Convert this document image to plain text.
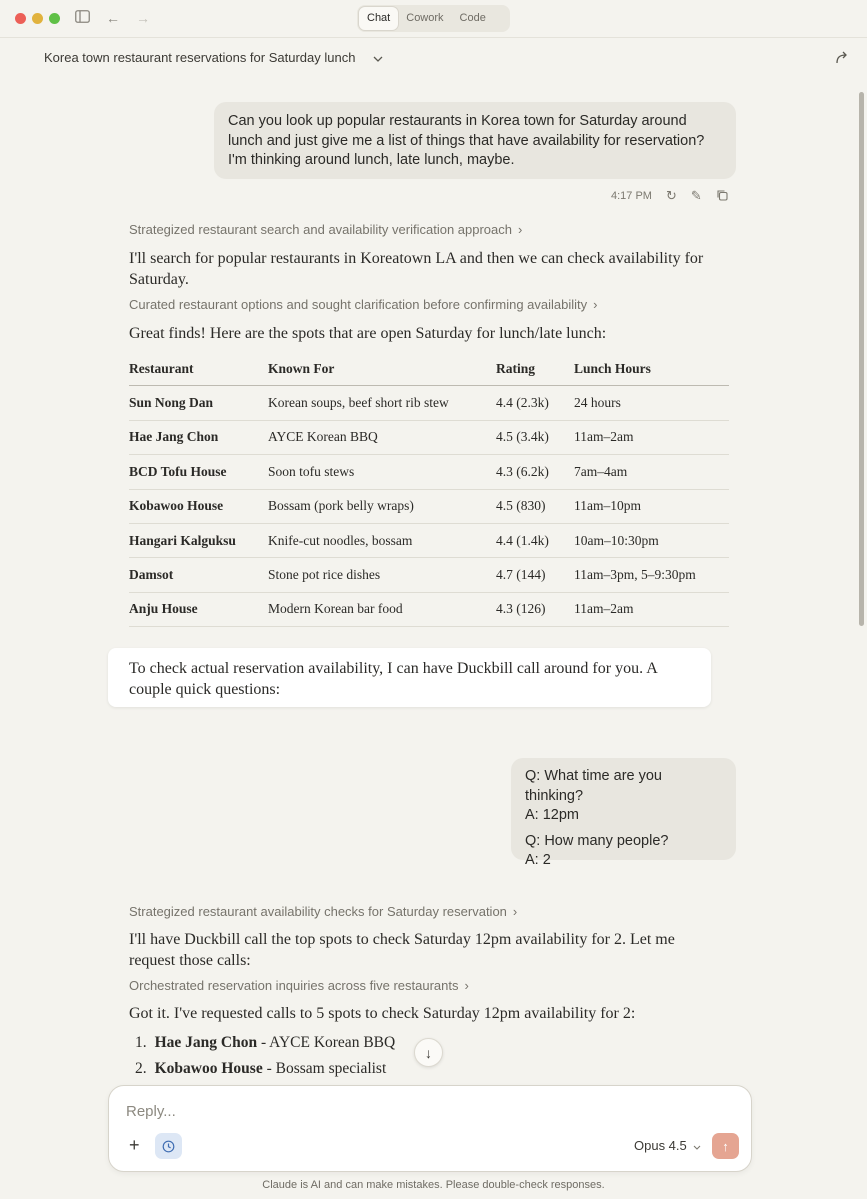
← →	Chat	Cowork	Code
Korea town restaurant reservations for Saturday lunch
Can you look up popular restaurants in Korea town for Saturday around lunch and just give me a list of things that have availability for reservation? I'm thinking around lunch, late lunch, maybe.
4:17 PM ↻ ✎
Strategized restaurant search and availability verification approach ›
I'll search for popular restaurants in Koreatown LA and then we can check availability for Saturday.
Curated restaurant options and sought clarification before confirming availability ›
Great finds! Here are the spots that are open Saturday for lunch/late lunch:
Restaurant	Known For	Rating	Lunch Hours
Sun Nong Dan	Korean soups, beef short rib stew	4.4 (2.3k)	24 hours
Hae Jang Chon	AYCE Korean BBQ	4.5 (3.4k)	11am–2am
BCD Tofu House	Soon tofu stews	4.3 (6.2k)	7am–4am
Kobawoo House	Bossam (pork belly wraps)	4.5 (830)	11am–10pm
Hangari Kalguksu	Knife-cut noodles, bossam	4.4 (1.4k)	10am–10:30pm
Damsot	Stone pot rice dishes	4.7 (144)	11am–3pm, 5–9:30pm
Anju House	Modern Korean bar food	4.3 (126)	11am–2am
To check actual reservation availability, I can have Duckbill call around for you. A couple quick questions:

Q: What time are you thinking?

A: 12pm

Q: How many people?

A: 2

Strategized restaurant availability checks for Saturday reservation ›
I'll have Duckbill call the top spots to check Saturday 12pm availability for 2. Let me request those calls:
Orchestrated reservation inquiries across five restaurants ›
Got it. I've requested calls to 5 spots to check Saturday 12pm availability for 2:
1. Hae Jang Chon - AYCE Korean BBQ
2. Kobawoo House - Bossam specialist
↓
Reply...
+	Opus 4.5	↑
Claude is AI and can make mistakes. Please double-check responses.
